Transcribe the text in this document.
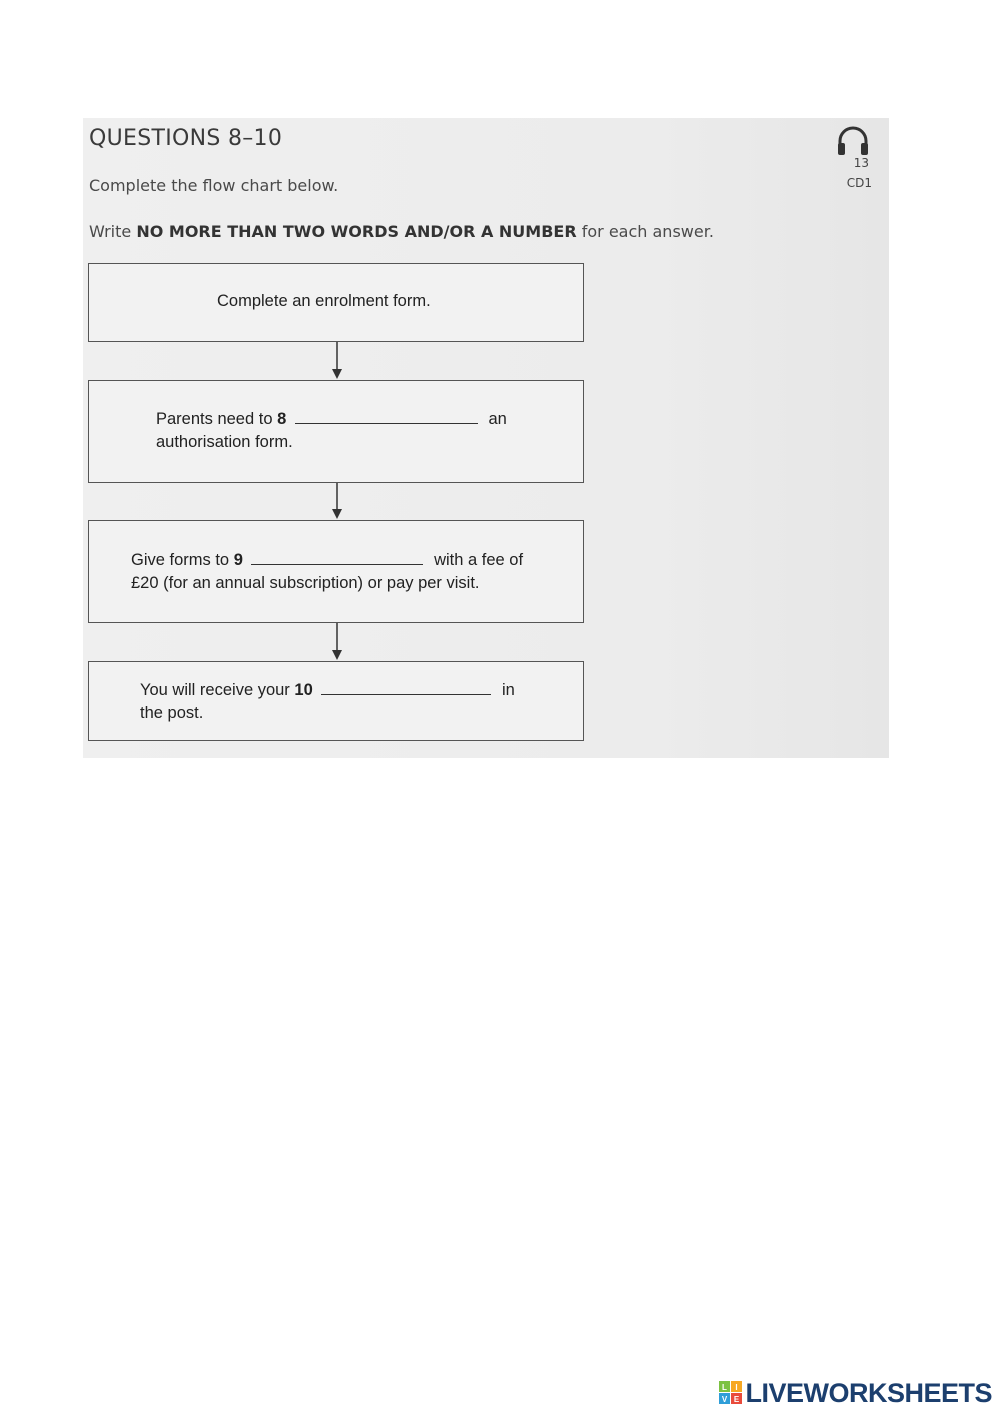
QUESTIONS 8–10
Complete the flow chart below.
Write NO MORE THAN TWO WORDS AND/OR A NUMBER for each answer.
13
CD1
Complete an enrolment form.
Parents need to 8	an
authorisation form.
Give forms to 9	with a fee of
£20 (for an annual subscription) or pay per visit.
You will receive your 10	in
the post.
L I
V E LIVEWORKSHEETS
